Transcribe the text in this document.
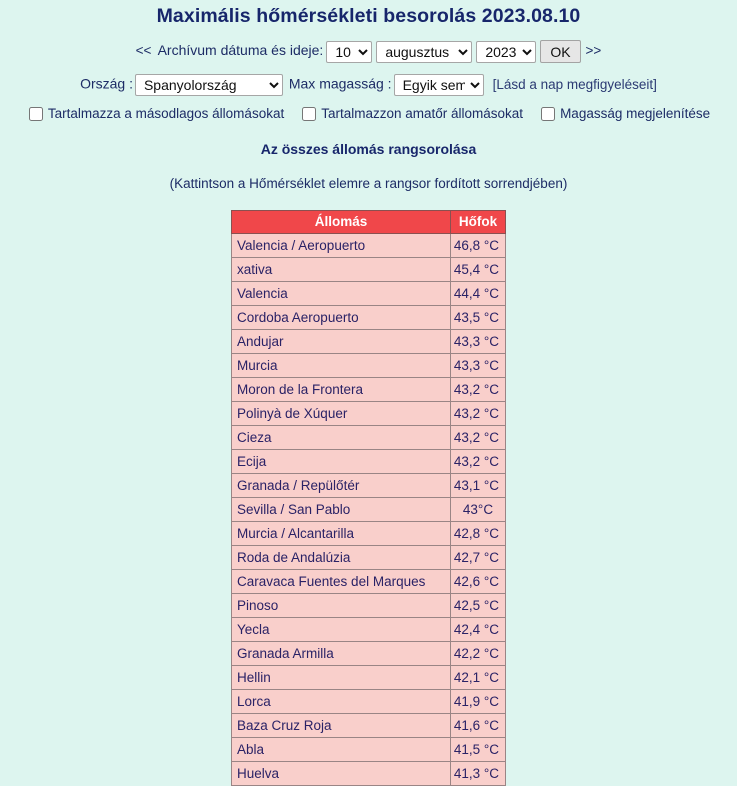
Maximális hőmérsékleti besorolás 2023.08.10
<< Archívum dátuma és ideje:
10
augusztus
2023	OK >>
Ország :
Spanyolország	Max magasság :
Egyik sem	[Lásd a nap megfigyeléseit]
Tartalmazza a másodlagos állomásokat	Tartalmazzon amatőr állomásokat	Magasság megjelenítése
Az összes állomás rangsorolása
(Kattintson a Hőmérséklet elemre a rangsor fordított sorrendjében)
Állomás	Hőfok
Valencia / Aeropuerto	46,8 °C
xativa	45,4 °C
Valencia	44,4 °C
Cordoba Aeropuerto	43,5 °C
Andujar	43,3 °C
Murcia	43,3 °C
Moron de la Frontera	43,2 °C
Polinyà de Xúquer	43,2 °C
Cieza	43,2 °C
Ecija	43,2 °C
Granada / Repülőtér	43,1 °C
Sevilla / San Pablo	43°C
Murcia / Alcantarilla	42,8 °C
Roda de Andalúzia	42,7 °C
Caravaca Fuentes del Marques	42,6 °C
Pinoso	42,5 °C
Yecla	42,4 °C
Granada Armilla	42,2 °C
Hellin	42,1 °C
Lorca	41,9 °C
Baza Cruz Roja	41,6 °C
Abla	41,5 °C
Huelva	41,3 °C
